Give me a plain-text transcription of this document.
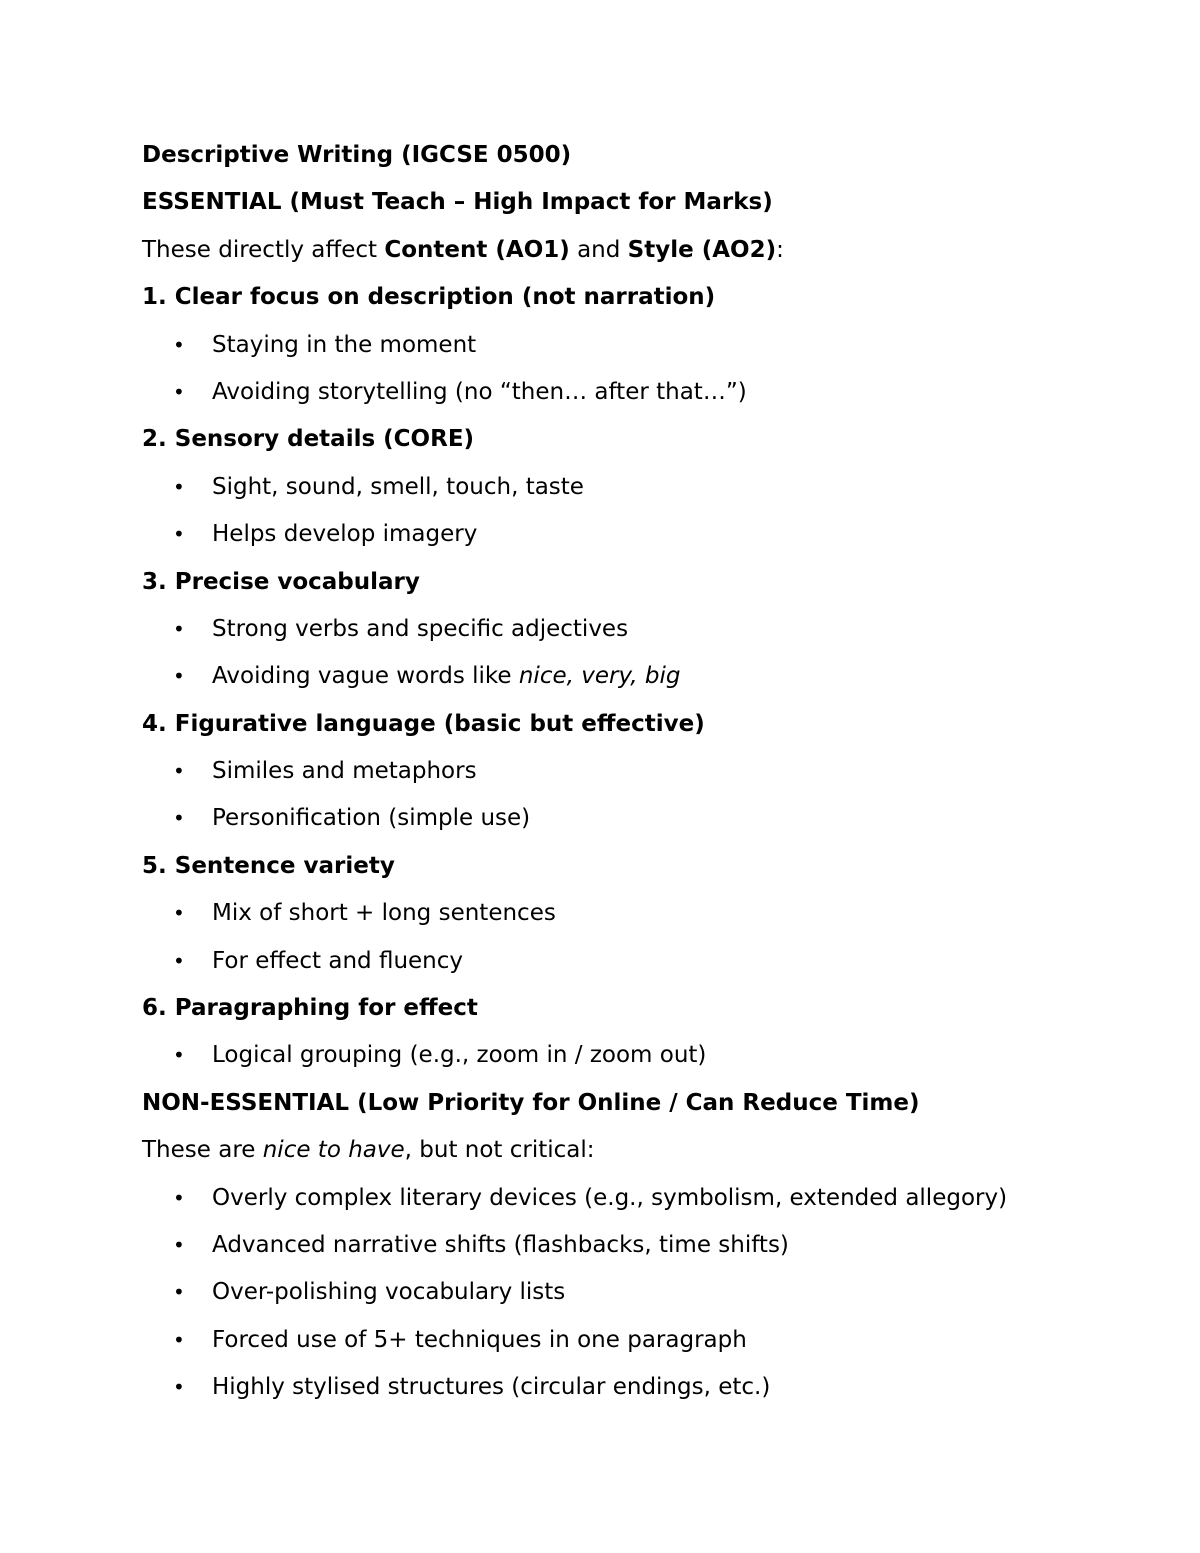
Descriptive Writing (IGCSE 0500)
ESSENTIAL (Must Teach – High Impact for Marks)
These directly affect Content (AO1) and Style (AO2):
1. Clear focus on description (not narration)
• Staying in the moment
• Avoiding storytelling (no “then… after that…”)
2. Sensory details (CORE)
• Sight, sound, smell, touch, taste
• Helps develop imagery
3. Precise vocabulary
• Strong verbs and specific adjectives
• Avoiding vague words like nice, very, big
4. Figurative language (basic but effective)
• Similes and metaphors
• Personification (simple use)
5. Sentence variety
• Mix of short + long sentences
• For effect and fluency
6. Paragraphing for effect
• Logical grouping (e.g., zoom in / zoom out)
NON-ESSENTIAL (Low Priority for Online / Can Reduce Time)
These are nice to have, but not critical:
• Overly complex literary devices (e.g., symbolism, extended allegory)
• Advanced narrative shifts (flashbacks, time shifts)
• Over-polishing vocabulary lists
• Forced use of 5+ techniques in one paragraph
• Highly stylised structures (circular endings, etc.)
